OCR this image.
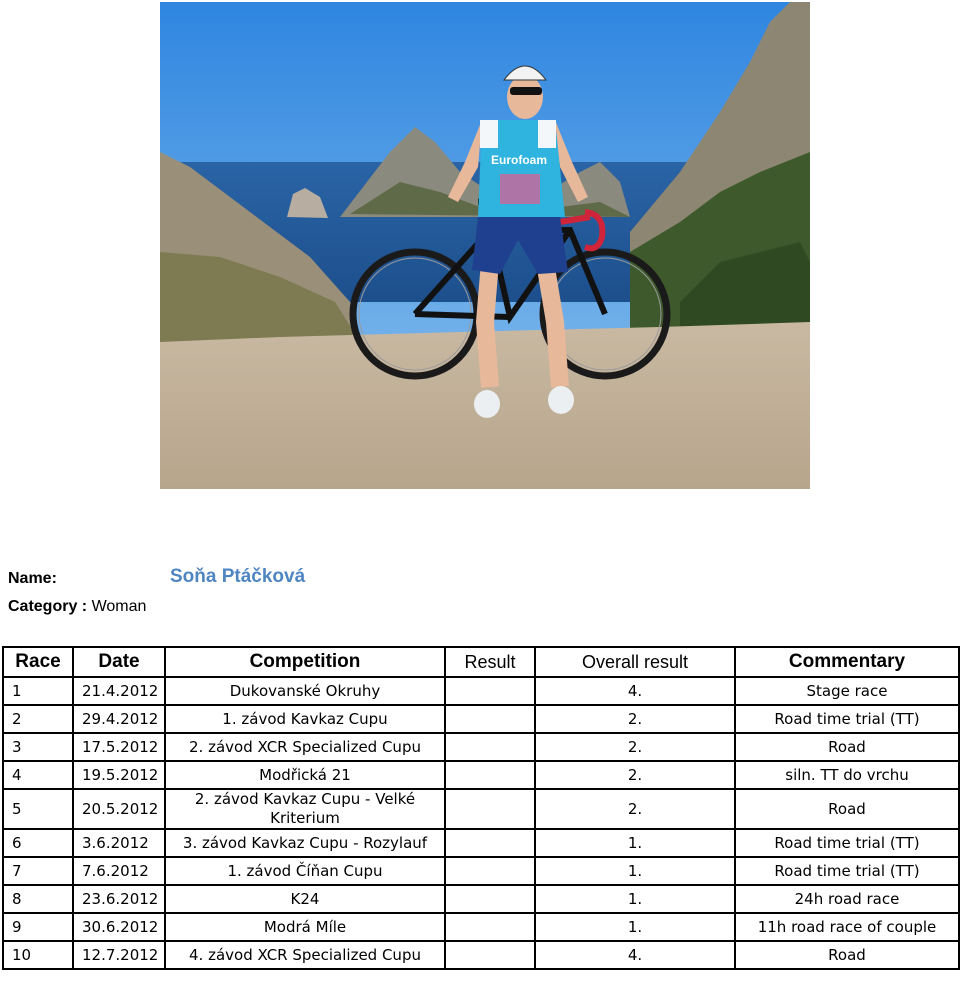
Eurofoam
Name:	Soňa Ptáčková
Category : Woman
Race	Date	Competition	Result	Overall result	Commentary
1	21.4.2012	Dukovanské Okruhy		4.	Stage race
2	29.4.2012	1. závod Kavkaz Cupu		2.	Road time trial (TT)
3	17.5.2012	2. závod XCR Specialized Cupu		2.	Road
4	19.5.2012	Modřická 21		2.	siln. TT do vrchu
5	20.5.2012	2. závod Kavkaz Cupu - Velké Kriterium		2.	Road
6	3.6.2012	3. závod Kavkaz Cupu - Rozylauf		1.	Road time trial (TT)
7	7.6.2012	1. závod Číňan Cupu		1.	Road time trial (TT)
8	23.6.2012	K24		1.	24h road race
9	30.6.2012	Modrá Míle		1.	11h road race of couple
10	12.7.2012	4. závod XCR Specialized Cupu		4.	Road
